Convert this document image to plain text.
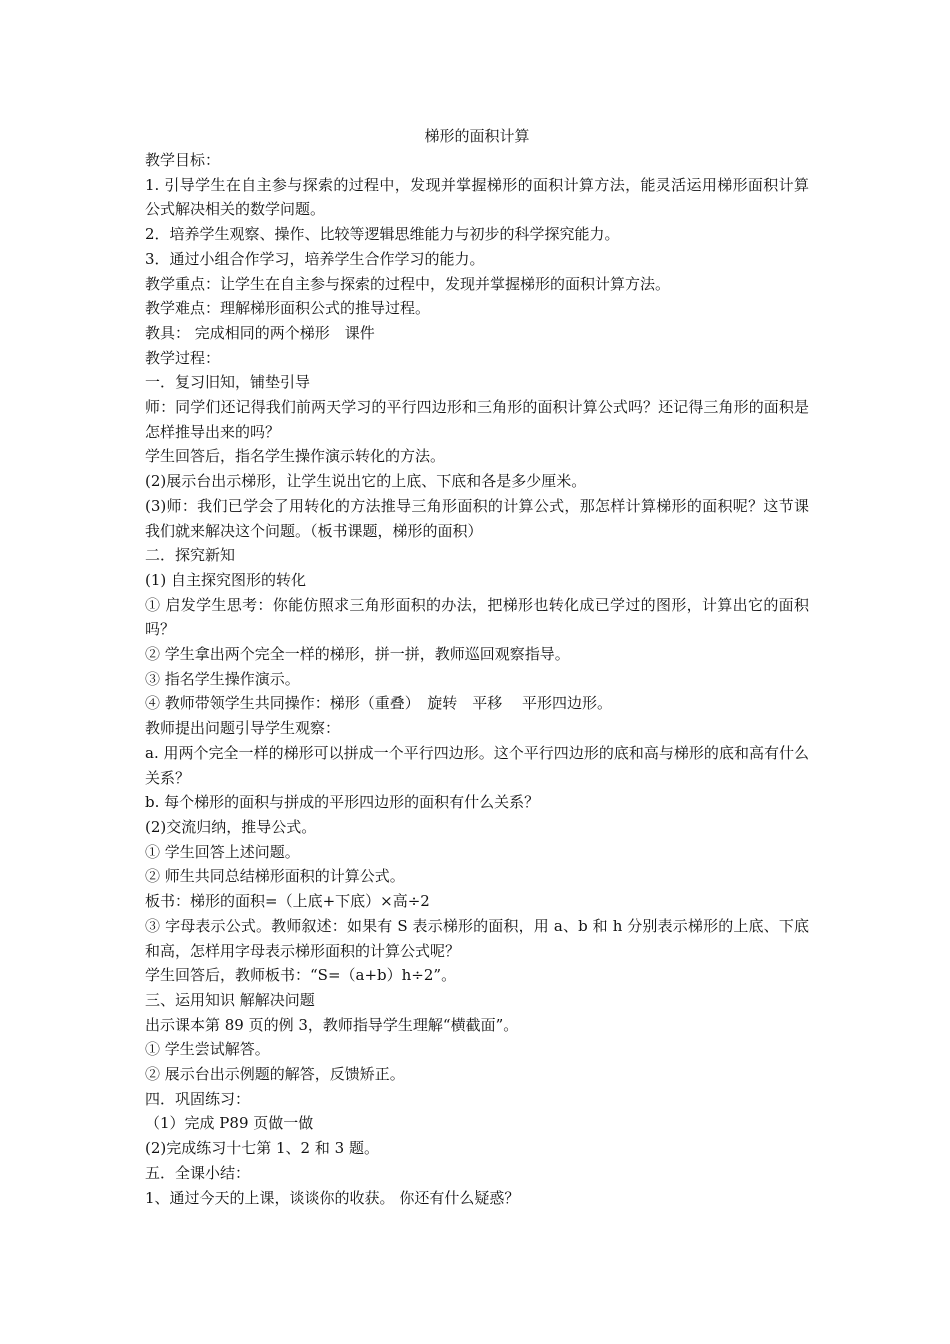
梯形的面积计算

教学目标：

1. 引导学生在自主参与探索的过程中，发现并掌握梯形的面积计算方法，能灵活运用梯形面积计算公式解决相关的数学问题。

2．培养学生观察、操作、比较等逻辑思维能力与初步的科学探究能力。

3．通过小组合作学习，培养学生合作学习的能力。

教学重点：让学生在自主参与探索的过程中，发现并掌握梯形的面积计算方法。

教学难点：理解梯形面积公式的推导过程。

教具： 完成相同的两个梯形　课件

教学过程：

一．复习旧知，铺垫引导

师：同学们还记得我们前两天学习的平行四边形和三角形的面积计算公式吗？还记得三角形的面积是怎样推导出来的吗？

学生回答后，指名学生操作演示转化的方法。

(2)展示台出示梯形，让学生说出它的上底、下底和各是多少厘米。

(3)师：我们已学会了用转化的方法推导三角形面积的计算公式，那怎样计算梯形的面积呢？这节课我们就来解决这个问题。（板书课题，梯形的面积）

二．探究新知

(1) 自主探究图形的转化

① 启发学生思考：你能仿照求三角形面积的办法，把梯形也转化成已学过的图形，计算出它的面积吗？

② 学生拿出两个完全一样的梯形，拼一拼，教师巡回观察指导。

③ 指名学生操作演示。

④ 教师带领学生共同操作：梯形（重叠）　旋转　平移　 平形四边形。

教师提出问题引导学生观察：

a. 用两个完全一样的梯形可以拼成一个平行四边形。这个平行四边形的底和高与梯形的底和高有什么关系？

b. 每个梯形的面积与拼成的平形四边形的面积有什么关系？

(2)交流归纳，推导公式。

① 学生回答上述问题。

② 师生共同总结梯形面积的计算公式。

板书：梯形的面积=（上底+下底）×高÷2

③ 字母表示公式。教师叙述：如果有 S 表示梯形的面积，用 a、b 和 h 分别表示梯形的上底、下底和高，怎样用字母表示梯形面积的计算公式呢？

学生回答后，教师板书：“S=（a+b）h÷2”。

三、运用知识 解解决问题

出示课本第 89 页的例 3，教师指导学生理解“横截面”。

① 学生尝试解答。

② 展示台出示例题的解答，反馈矫正。

四．巩固练习：

（1）完成 P89 页做一做

(2)完成练习十七第 1、2 和 3 题。

五．全课小结：

1、通过今天的上课，谈谈你的收获。 你还有什么疑惑？
